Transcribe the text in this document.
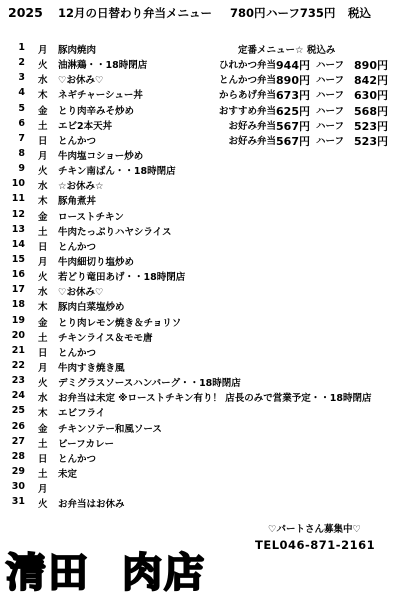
2025 12月の日替わり弁当メニュー 780円 ハーフ735円 税込
1 月 豚肉焼肉
2 火 油淋鶏・・18時閉店
3 水 ♡お休み♡
4 木 ネギチャーシュー丼
5 金 とり肉辛みそ炒め
6 土 エビ2本天丼
7 日 とんかつ
8 月 牛肉塩コショー炒め
9 火 チキン南ばん・・18時閉店
10 水 ☆お休み☆
11 木 豚角煮丼
12 金 ローストチキン
13 土 牛肉たっぷりハヤシライス
14 日 とんかつ
15 月 牛肉細切り塩炒め
16 火 若どり竜田あげ・・18時閉店
17 水 ♡お休み♡
18 木 豚肉白菜塩炒め
19 金 とり肉レモン焼き＆チョリソ
20 土 チキンライス＆モモ唐
21 日 とんかつ
22 月 牛肉すき焼き風
23 火 デミグラスソースハンバーグ・・18時閉店
24 水 お弁当は未定 ※ローストチキン有り！ 店長のみで営業予定・・18時閉店
25 木 エビフライ
26 金 チキンソテー和風ソース
27 土 ビーフカレー
28 日 とんかつ
29 土 未定
30 月
31 火 お弁当はお休み
定番メニュー☆ 税込み
ひれかつ弁当 944円 ハーフ 890円
とんかつ弁当 890円 ハーフ 842円
からあげ弁当 673円 ハーフ 630円
おすすめ弁当 625円 ハーフ 568円
お好み弁当 567円 ハーフ 523円
お好み弁当 567円 ハーフ 523円
♡パートさん募集中♡
TEL046-871-2161
清田 肉店
